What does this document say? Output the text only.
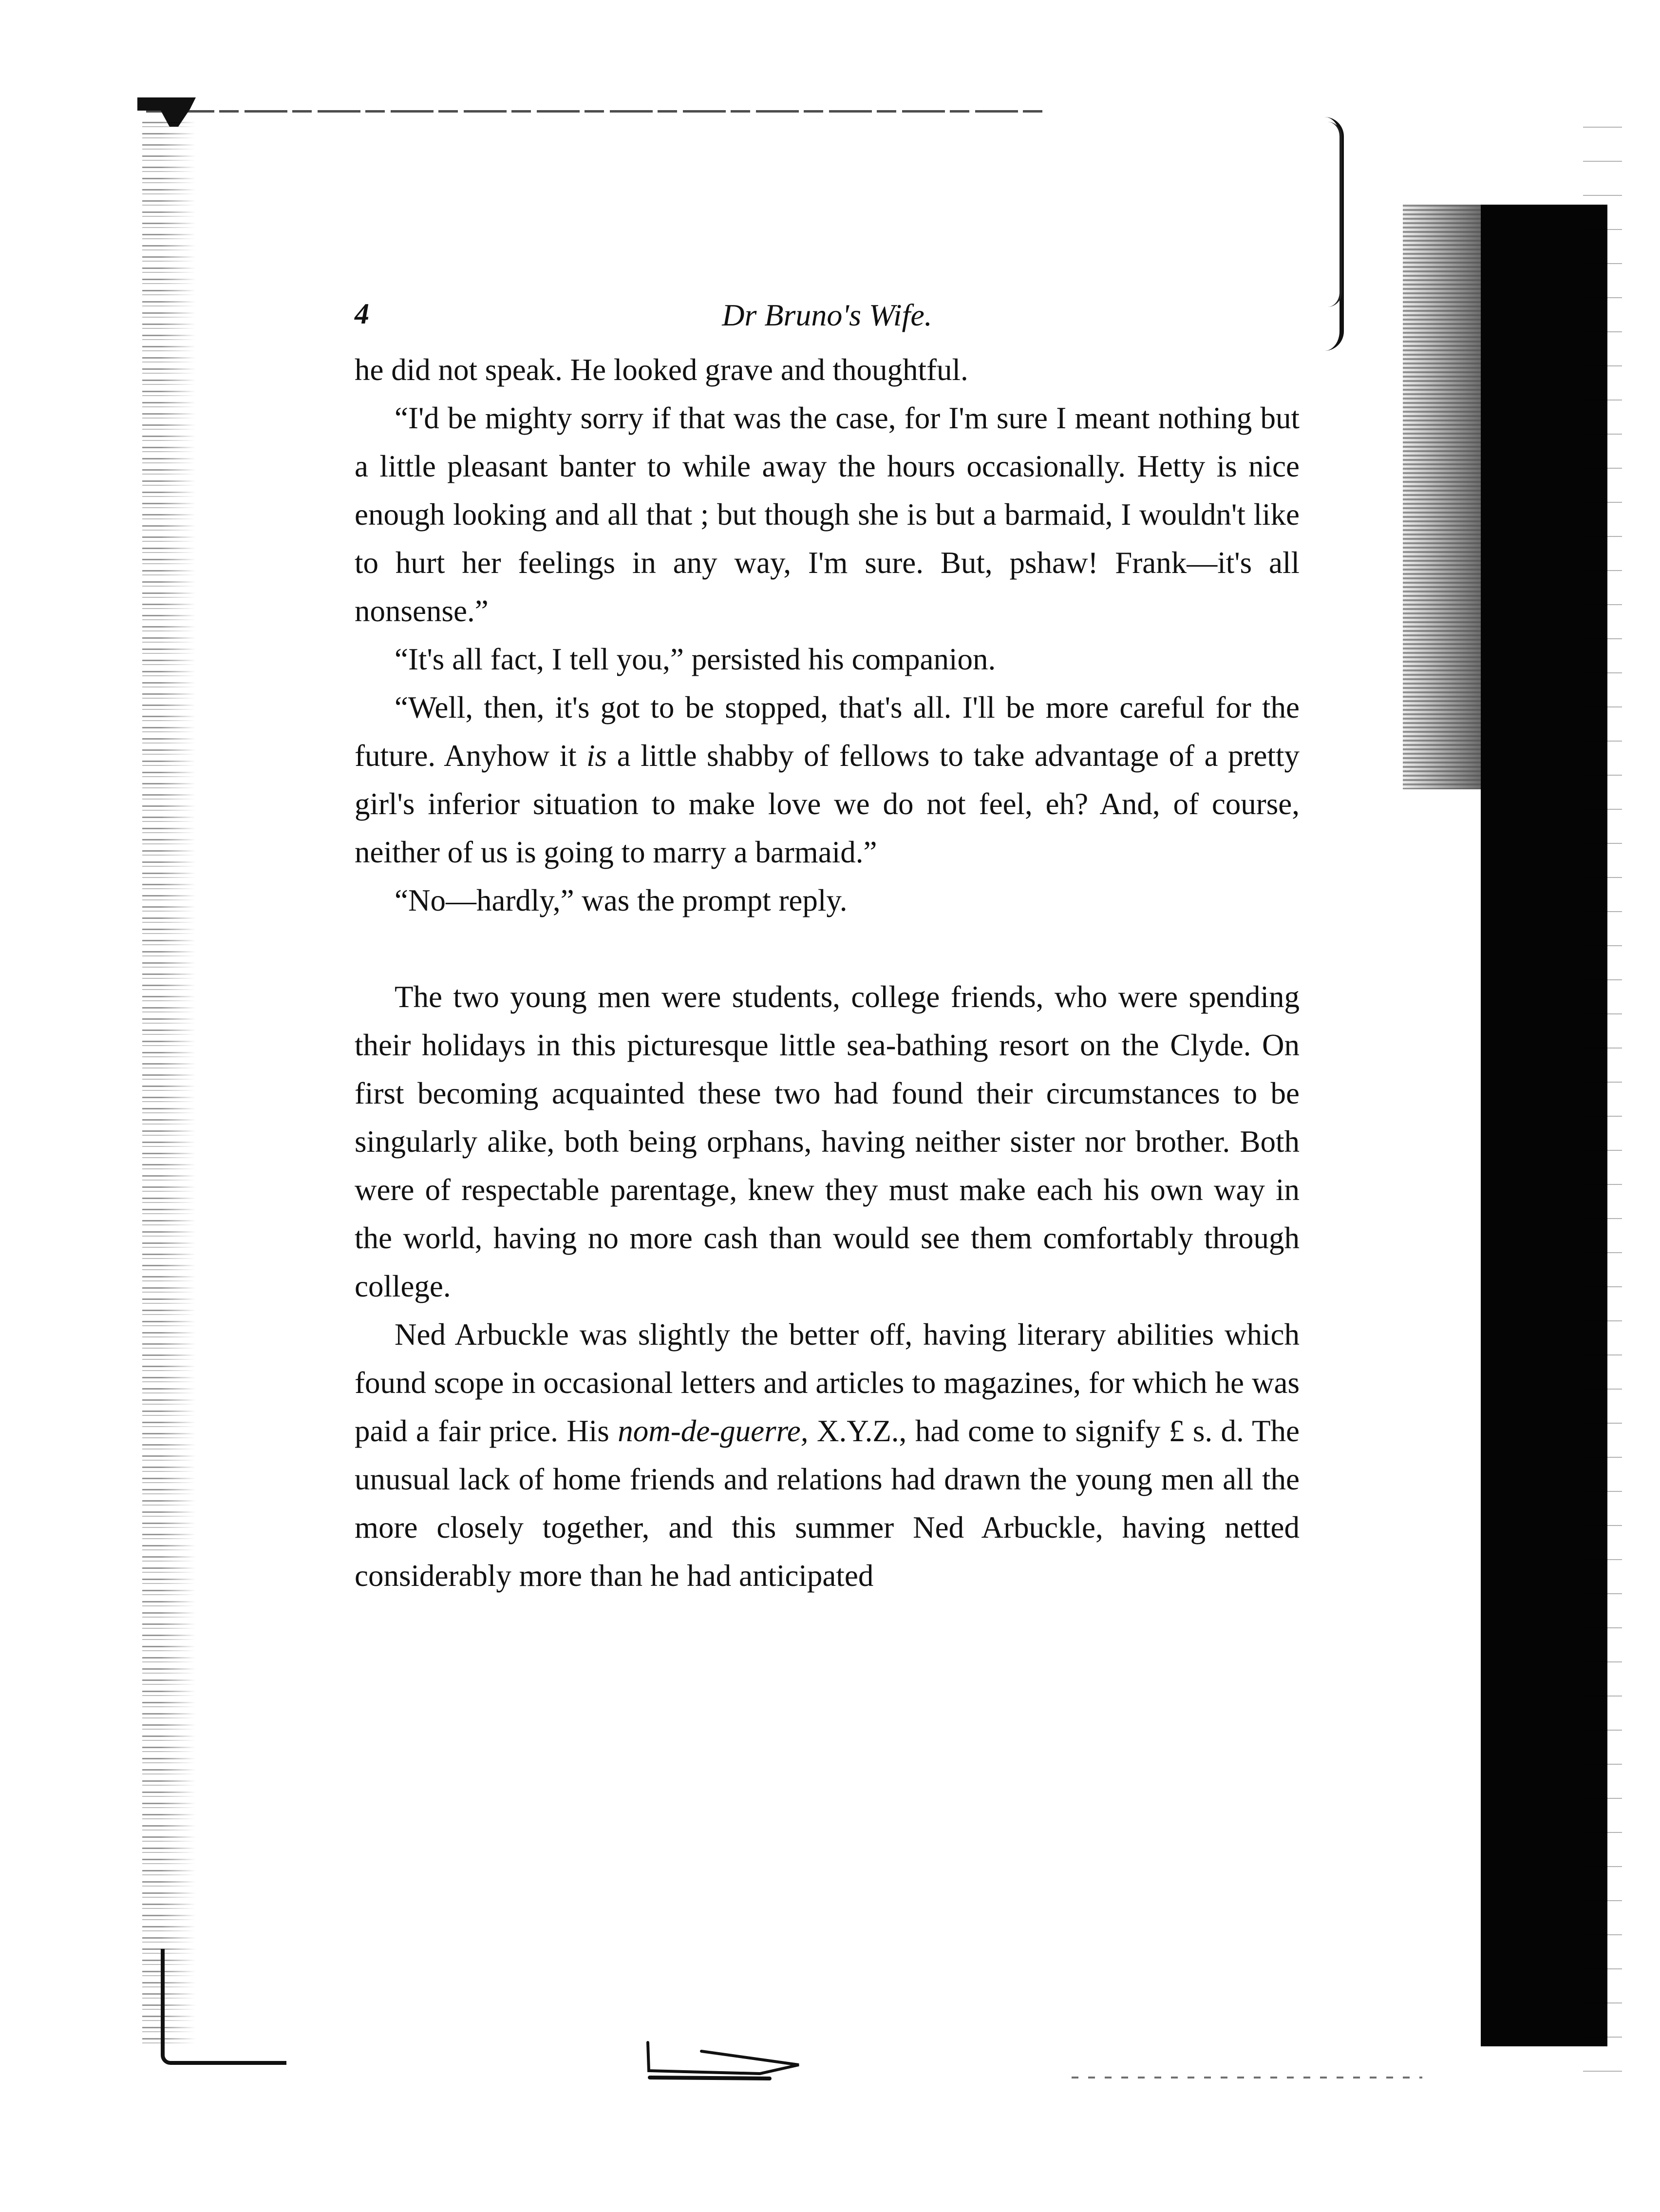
4	Dr Bruno's Wife.

he did not speak. He looked grave and thoughtful.

“I'd be mighty sorry if that was the case, for I'm sure I meant nothing but a little pleasant banter to while away the hours occasionally. Hetty is nice enough looking and all that ; but though she is but a barmaid, I wouldn't like to hurt her feelings in any way, I'm sure. But, pshaw! Frank—it's all nonsense.”

“It's all fact, I tell you,” persisted his companion.

“Well, then, it's got to be stopped, that's all. I'll be more careful for the future. Anyhow it is a little shabby of fellows to take advantage of a pretty girl's inferior situation to make love we do not feel, eh? And, of course, neither of us is going to marry a barmaid.”

“No—hardly,” was the prompt reply.

The two young men were students, college friends, who were spending their holidays in this picturesque little sea-bathing resort on the Clyde. On first becoming acquainted these two had found their circumstances to be singularly alike, both being orphans, having neither sister nor brother. Both were of respectable parentage, knew they must make each his own way in the world, having no more cash than would see them comfortably through college.

Ned Arbuckle was slightly the better off, having literary abilities which found scope in occasional letters and articles to magazines, for which he was paid a fair price. His nom-de-guerre, X.Y.Z., had come to signify £ s. d. The unusual lack of home friends and relations had drawn the young men all the more closely together, and this summer Ned Arbuckle, having netted considerably more than he had anticipated
